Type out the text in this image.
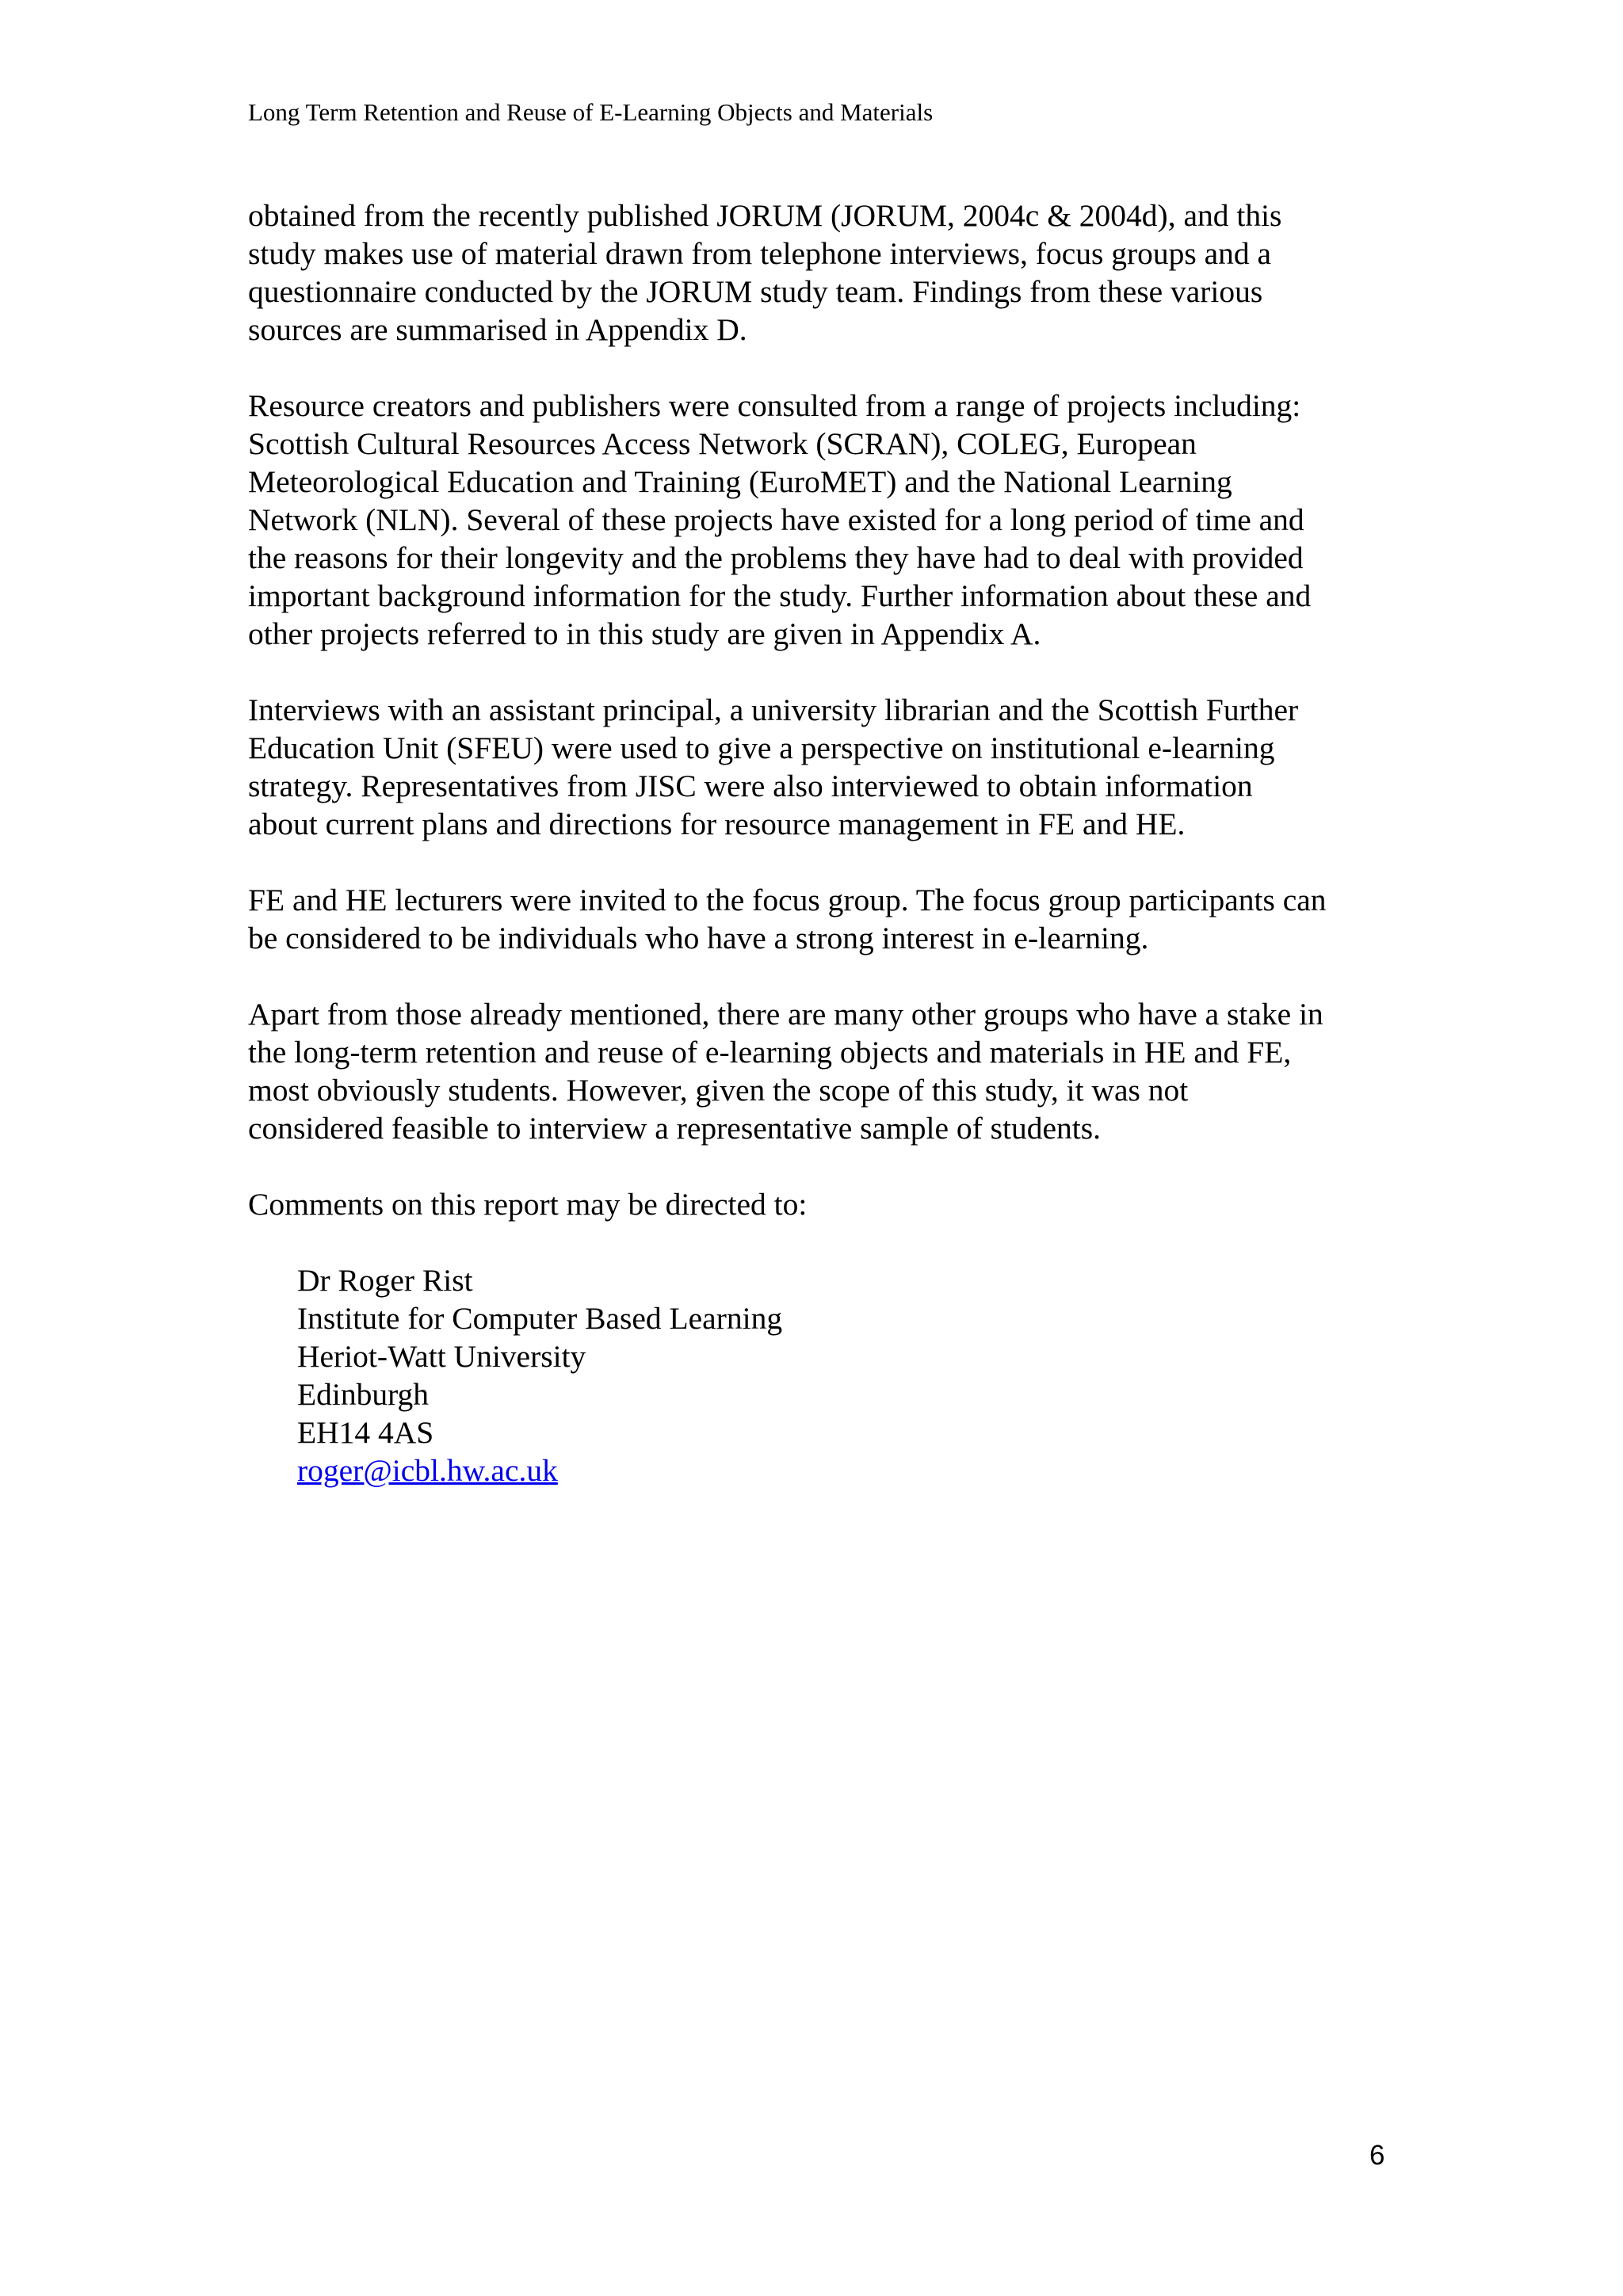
Long Term Retention and Reuse of E-Learning Objects and Materials

obtained from the recently published JORUM (JORUM, 2004c & 2004d), and this
study makes use of material drawn from telephone interviews, focus groups and a
questionnaire conducted by the JORUM study team. Findings from these various
sources are summarised in Appendix D.

Resource creators and publishers were consulted from a range of projects including:
Scottish Cultural Resources Access Network (SCRAN), COLEG, European
Meteorological Education and Training (EuroMET) and the National Learning
Network (NLN). Several of these projects have existed for a long period of time and
the reasons for their longevity and the problems they have had to deal with provided
important background information for the study. Further information about these and
other projects referred to in this study are given in Appendix A.

Interviews with an assistant principal, a university librarian and the Scottish Further
Education Unit (SFEU) were used to give a perspective on institutional e-learning
strategy. Representatives from JISC were also interviewed to obtain information
about current plans and directions for resource management in FE and HE.

FE and HE lecturers were invited to the focus group. The focus group participants can
be considered to be individuals who have a strong interest in e-learning.

Apart from those already mentioned, there are many other groups who have a stake in
the long-term retention and reuse of e-learning objects and materials in HE and FE,
most obviously students. However, given the scope of this study, it was not
considered feasible to interview a representative sample of students.

Comments on this report may be directed to:

Dr Roger Rist
Institute for Computer Based Learning
Heriot-Watt University
Edinburgh
EH14 4AS
roger@icbl.hw.ac.uk
6
